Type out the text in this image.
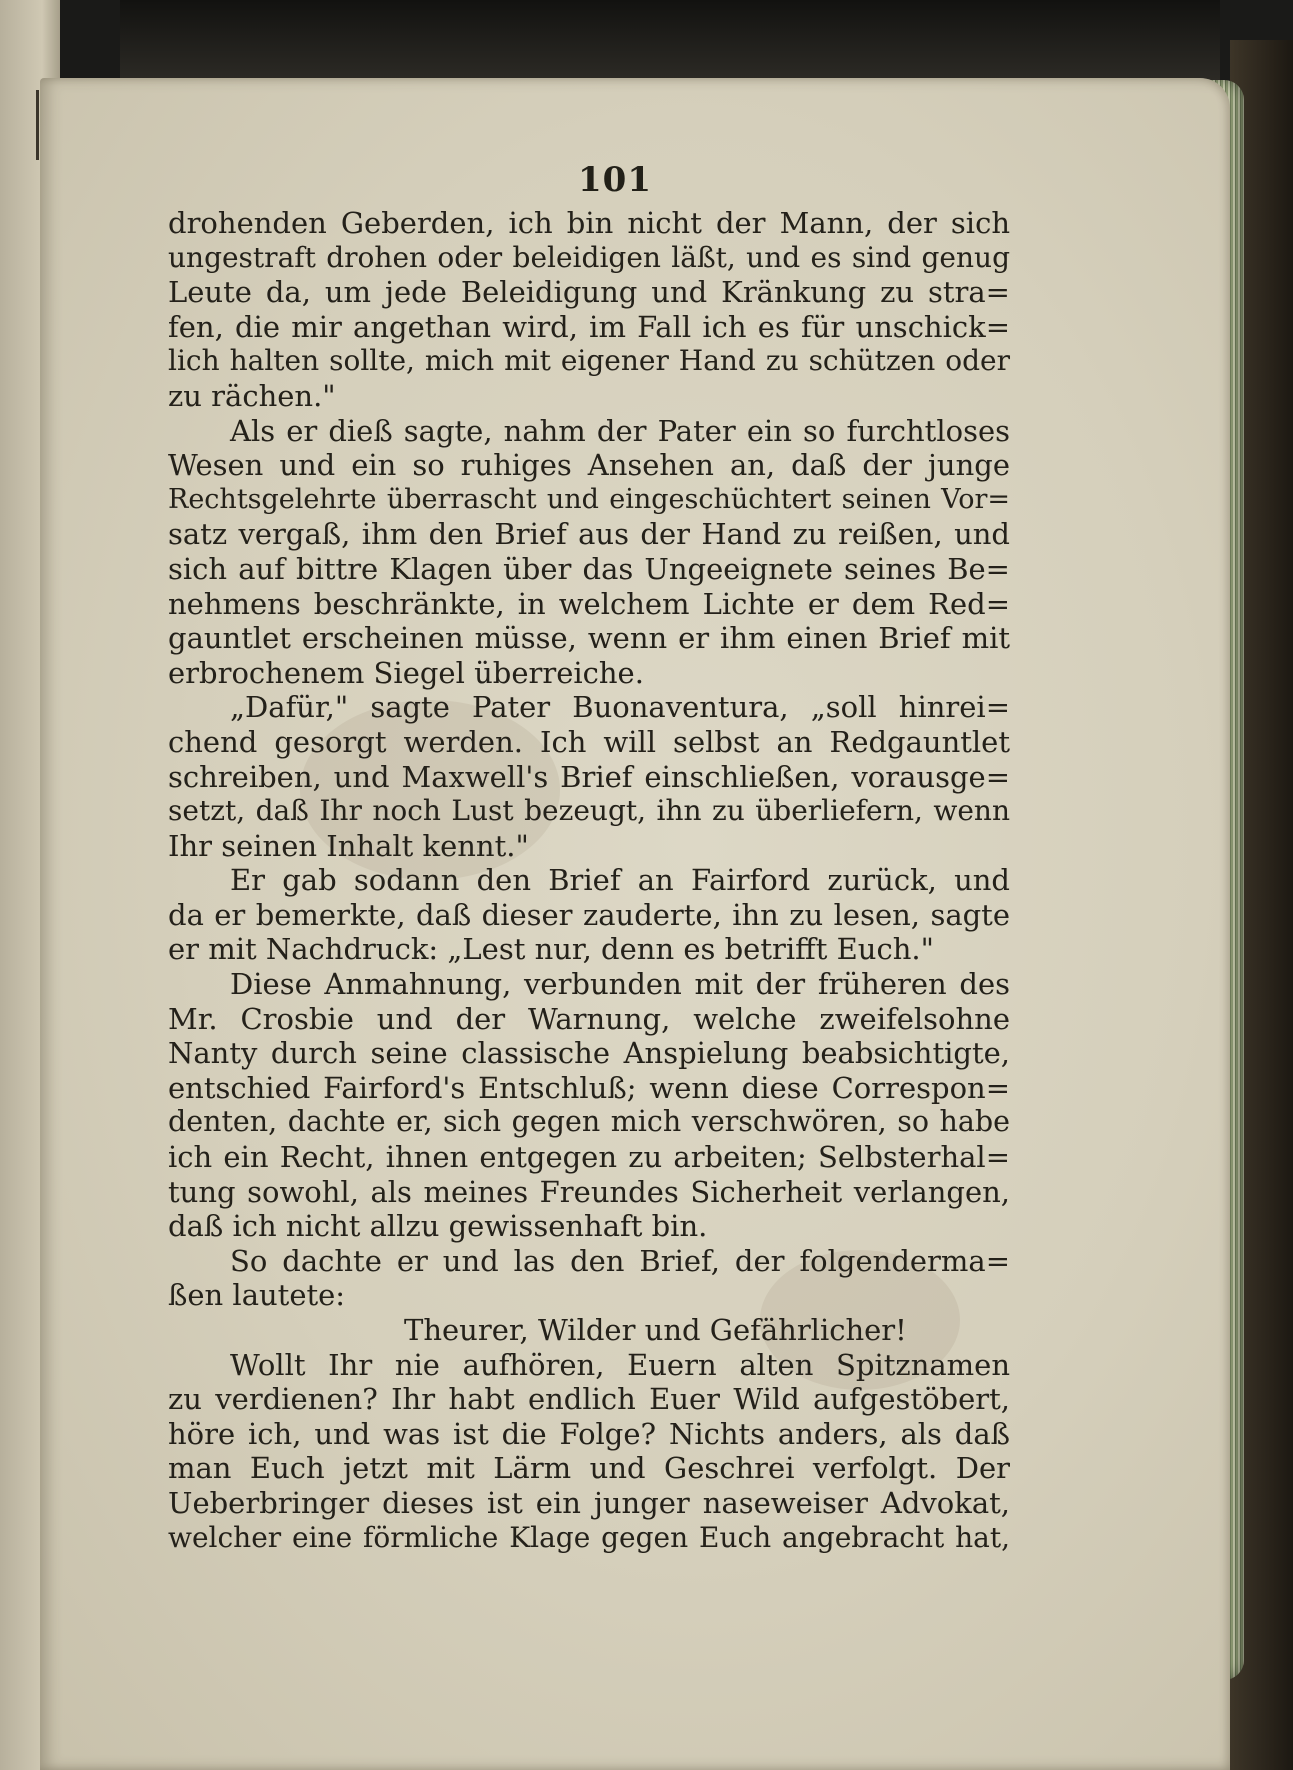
101
drohenden Geberden, ich bin nicht der Mann, der sich
ungestraft drohen oder beleidigen läßt, und es sind genug
Leute da, um jede Beleidigung und Kränkung zu stra=
fen, die mir angethan wird, im Fall ich es für unschick=
lich halten sollte, mich mit eigener Hand zu schützen oder
zu rächen."
Als er dieß sagte, nahm der Pater ein so furchtloses
Wesen und ein so ruhiges Ansehen an, daß der junge
Rechtsgelehrte überrascht und eingeschüchtert seinen Vor=
satz vergaß, ihm den Brief aus der Hand zu reißen, und
sich auf bittre Klagen über das Ungeeignete seines Be=
nehmens beschränkte, in welchem Lichte er dem Red=
gauntlet erscheinen müsse, wenn er ihm einen Brief mit
erbrochenem Siegel überreiche.
„Dafür," sagte Pater Buonaventura, „soll hinrei=
chend gesorgt werden. Ich will selbst an Redgauntlet
schreiben, und Maxwell's Brief einschließen, vorausge=
setzt, daß Ihr noch Lust bezeugt, ihn zu überliefern, wenn
Ihr seinen Inhalt kennt."
Er gab sodann den Brief an Fairford zurück, und
da er bemerkte, daß dieser zauderte, ihn zu lesen, sagte
er mit Nachdruck: „Lest nur, denn es betrifft Euch."
Diese Anmahnung, verbunden mit der früheren des
Mr. Crosbie und der Warnung, welche zweifelsohne
Nanty durch seine classische Anspielung beabsichtigte,
entschied Fairford's Entschluß; wenn diese Correspon=
denten, dachte er, sich gegen mich verschwören, so habe
ich ein Recht, ihnen entgegen zu arbeiten; Selbsterhal=
tung sowohl, als meines Freundes Sicherheit verlangen,
daß ich nicht allzu gewissenhaft bin.
So dachte er und las den Brief, der folgenderma=
ßen lautete:
Theurer, Wilder und Gefährlicher!
Wollt Ihr nie aufhören, Euern alten Spitznamen
zu verdienen? Ihr habt endlich Euer Wild aufgestöbert,
höre ich, und was ist die Folge? Nichts anders, als daß
man Euch jetzt mit Lärm und Geschrei verfolgt. Der
Ueberbringer dieses ist ein junger naseweiser Advokat,
welcher eine förmliche Klage gegen Euch angebracht hat,
